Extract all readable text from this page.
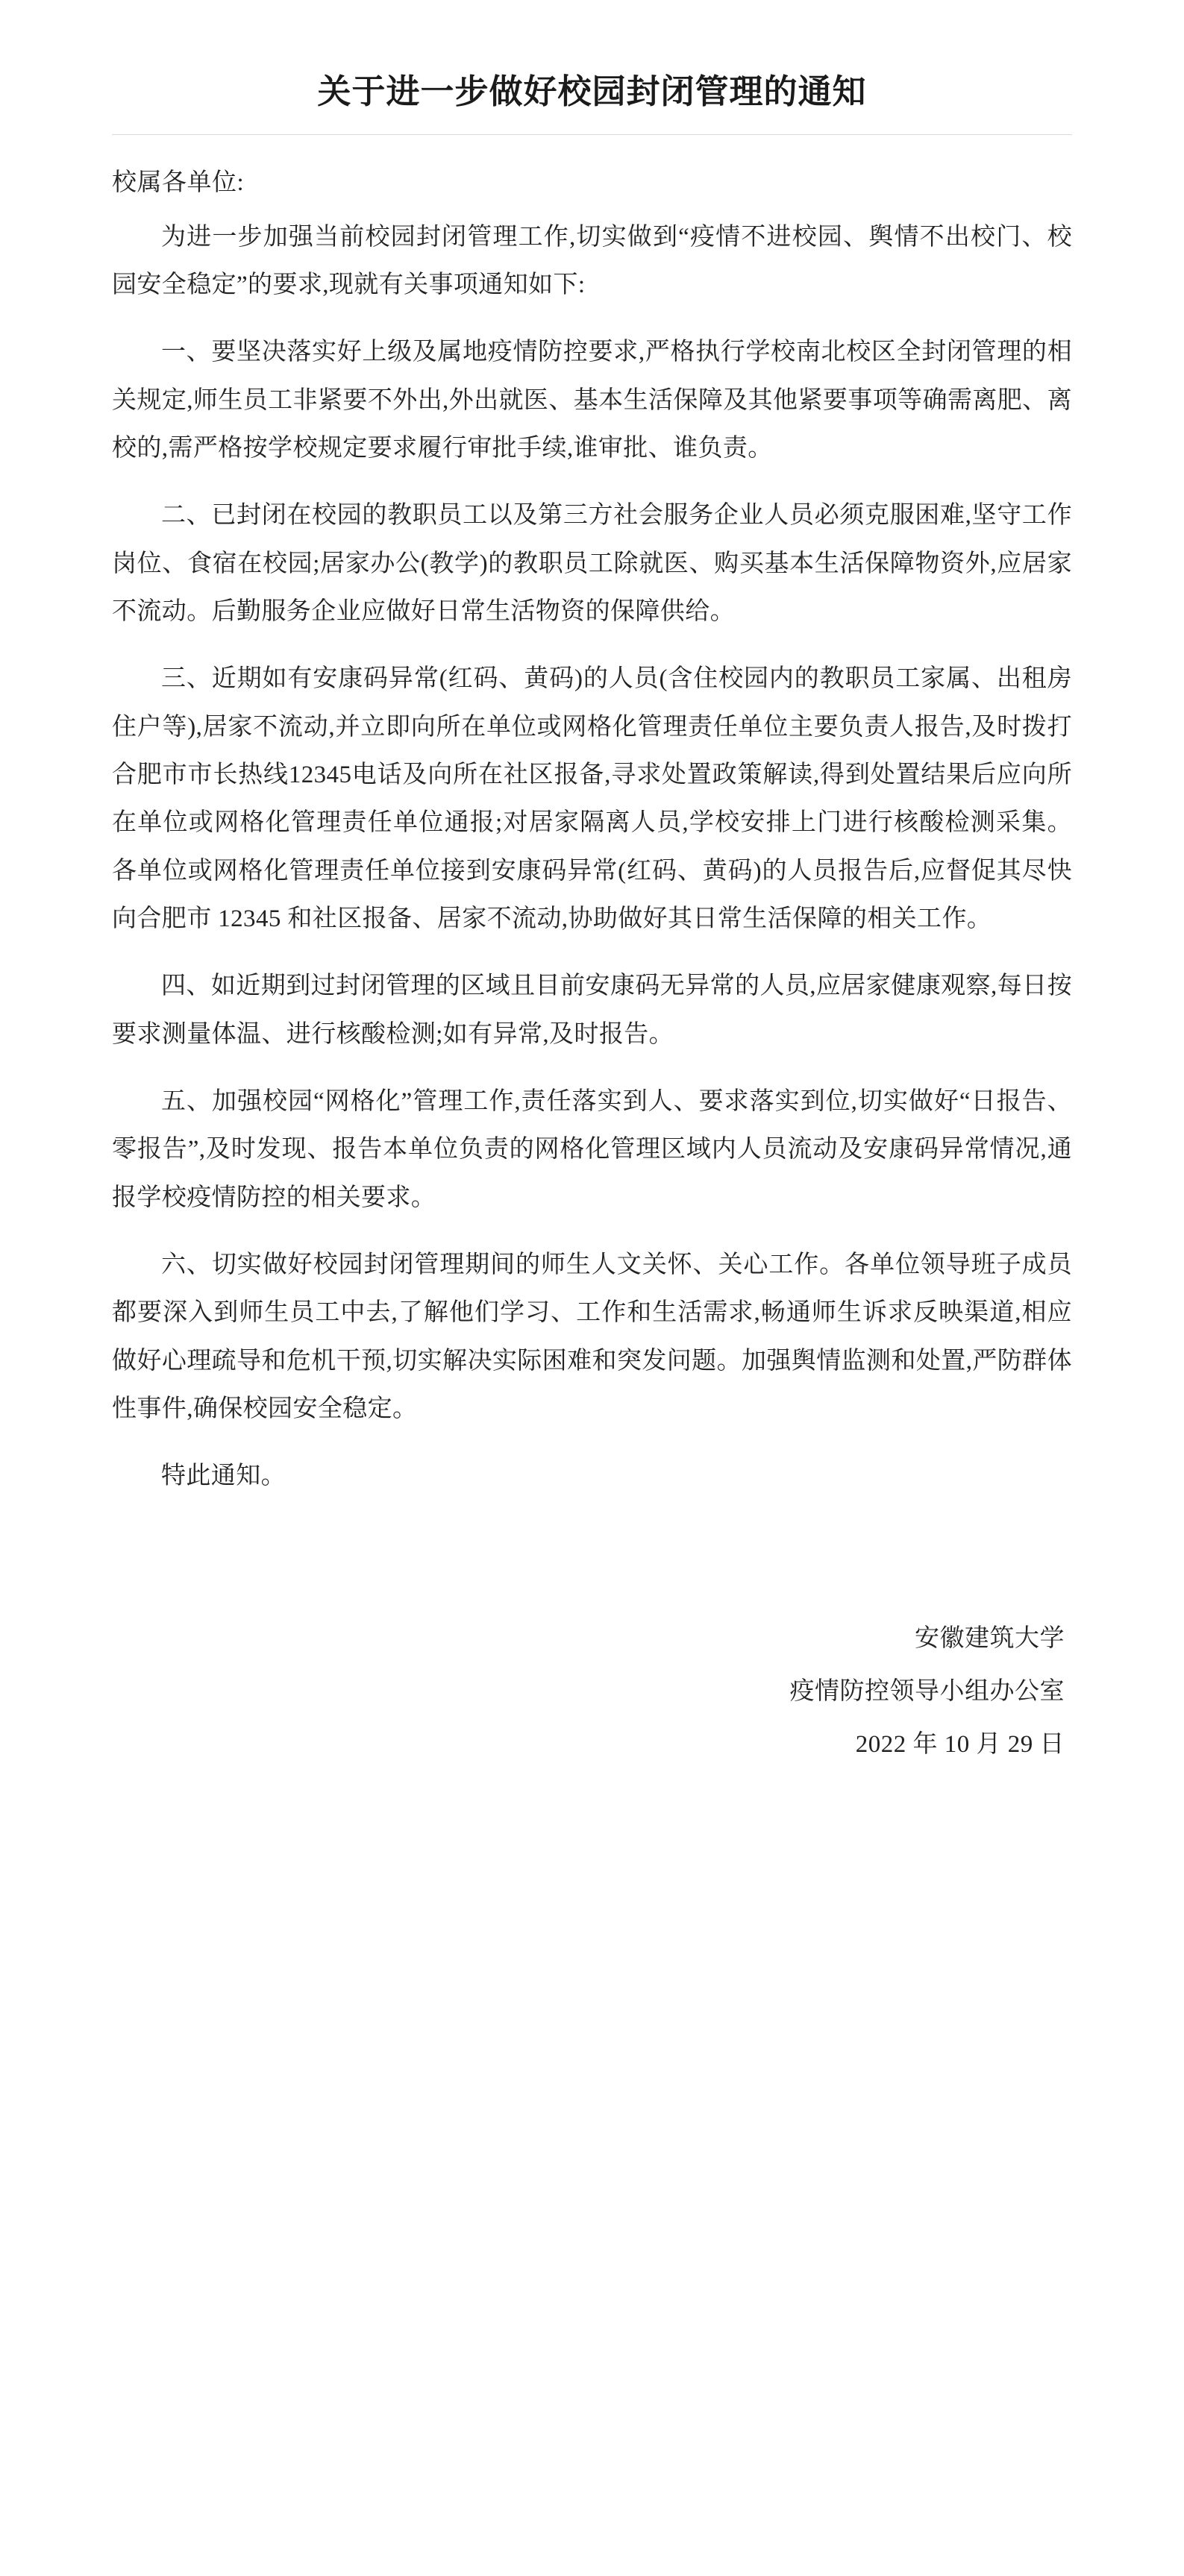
关于进一步做好校园封闭管理的通知

校属各单位:

为进一步加强当前校园封闭管理工作,切实做到“疫情不进校园、舆情不出校门、校园安全稳定”的要求,现就有关事项通知如下:

一、要坚决落实好上级及属地疫情防控要求,严格执行学校南北校区全封闭管理的相关规定,师生员工非紧要不外出,外出就医、基本生活保障及其他紧要事项等确需离肥、离校的,需严格按学校规定要求履行审批手续,谁审批、谁负责。

二、已封闭在校园的教职员工以及第三方社会服务企业人员必须克服困难,坚守工作岗位、食宿在校园;居家办公(教学)的教职员工除就医、购买基本生活保障物资外,应居家不流动。后勤服务企业应做好日常生活物资的保障供给。

三、近期如有安康码异常(红码、黄码)的人员(含住校园内的教职员工家属、出租房住户等),居家不流动,并立即向所在单位或网格化管理责任单位主要负责人报告,及时拨打合肥市市长热线12345电话及向所在社区报备,寻求处置政策解读,得到处置结果后应向所在单位或网格化管理责任单位通报;对居家隔离人员,学校安排上门进行核酸检测采集。各单位或网格化管理责任单位接到安康码异常(红码、黄码)的人员报告后,应督促其尽快向合肥市 12345 和社区报备、居家不流动,协助做好其日常生活保障的相关工作。

四、如近期到过封闭管理的区域且目前安康码无异常的人员,应居家健康观察,每日按要求测量体温、进行核酸检测;如有异常,及时报告。

五、加强校园“网格化”管理工作,责任落实到人、要求落实到位,切实做好“日报告、零报告”,及时发现、报告本单位负责的网格化管理区域内人员流动及安康码异常情况,通报学校疫情防控的相关要求。

六、切实做好校园封闭管理期间的师生人文关怀、关心工作。各单位领导班子成员都要深入到师生员工中去,了解他们学习、工作和生活需求,畅通师生诉求反映渠道,相应做好心理疏导和危机干预,切实解决实际困难和突发问题。加强舆情监测和处置,严防群体性事件,确保校园安全稳定。

特此通知。

安徽建筑大学
疫情防控领导小组办公室
2022 年 10 月 29 日
